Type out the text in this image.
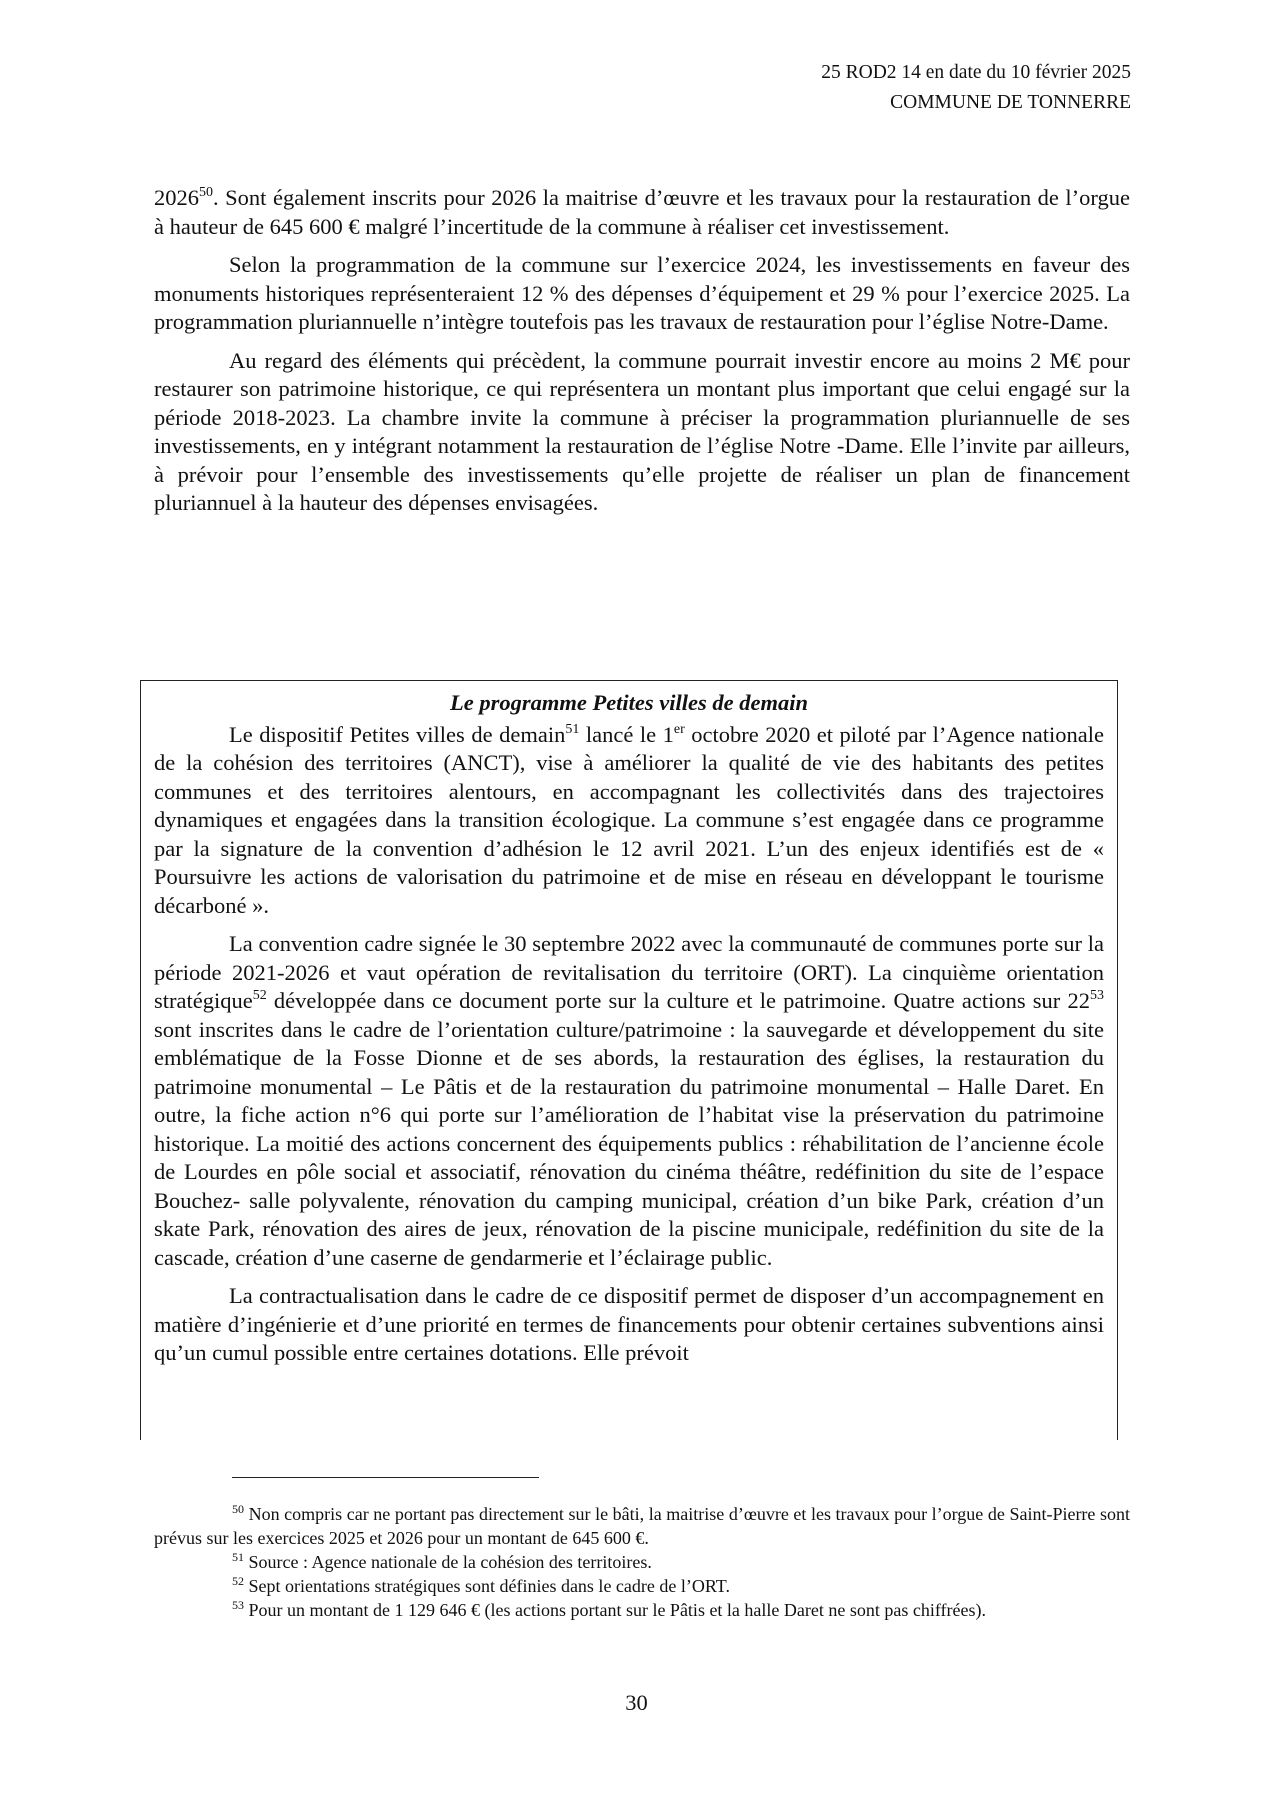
25 ROD2 14 en date du 10 février 2025
COMMUNE DE TONNERRE

2026$^{50}$. Sont également inscrits pour 2026 la maitrise d’œuvre et les travaux pour la restauration de l’orgue à hauteur de 645 600 € malgré l’incertitude de la commune à réaliser cet investissement.

Selon la programmation de la commune sur l’exercice 2024, les investissements en faveur des monuments historiques représenteraient 12 % des dépenses d’équipement et 29 % pour l’exercice 2025. La programmation pluriannuelle n’intègre toutefois pas les travaux de restauration pour l’église Notre-Dame.

Au regard des éléments qui précèdent, la commune pourrait investir encore au moins 2 M€ pour restaurer son patrimoine historique, ce qui représentera un montant plus important que celui engagé sur la période 2018-2023. La chambre invite la commune à préciser la programmation pluriannuelle de ses investissements, en y intégrant notamment la restauration de l’église Notre -Dame. Elle l’invite par ailleurs, à prévoir pour l’ensemble des investissements qu’elle projette de réaliser un plan de financement pluriannuel à la hauteur des dépenses envisagées.

Le programme Petites villes de demain

Le dispositif Petites villes de demain$^{51}$ lancé le 1er octobre 2020 et piloté par l’Agence nationale de la cohésion des territoires (ANCT), vise à améliorer la qualité de vie des habitants des petites communes et des territoires alentours, en accompagnant les collectivités dans des trajectoires dynamiques et engagées dans la transition écologique. La commune s’est engagée dans ce programme par la signature de la convention d’adhésion le 12 avril 2021. L’un des enjeux identifiés est de « Poursuivre les actions de valorisation du patrimoine et de mise en réseau en développant le tourisme décarboné ».

La convention cadre signée le 30 septembre 2022 avec la communauté de communes porte sur la période 2021-2026 et vaut opération de revitalisation du territoire (ORT). La cinquième orientation stratégique$^{52}$ développée dans ce document porte sur la culture et le patrimoine. Quatre actions sur $22^{53}$ sont inscrites dans le cadre de l’orientation culture/patrimoine : la sauvegarde et développement du site emblématique de la Fosse Dionne et de ses abords, la restauration des églises, la restauration du patrimoine monumental – Le Pâtis et de la restauration du patrimoine monumental – Halle Daret. En outre, la fiche action n°6 qui porte sur l’amélioration de l’habitat vise la préservation du patrimoine historique. La moitié des actions concernent des équipements publics : réhabilitation de l’ancienne école de Lourdes en pôle social et associatif, rénovation du cinéma théâtre, redéfinition du site de l’espace Bouchez- salle polyvalente, rénovation du camping municipal, création d’un bike Park, création d’un skate Park, rénovation des aires de jeux, rénovation de la piscine municipale, redéfinition du site de la cascade, création d’une caserne de gendarmerie et l’éclairage public.

La contractualisation dans le cadre de ce dispositif permet de disposer d’un accompagnement en matière d’ingénierie et d’une priorité en termes de financements pour obtenir certaines subventions ainsi qu’un cumul possible entre certaines dotations. Elle prévoit

$^{50}$ Non compris car ne portant pas directement sur le bâti, la maitrise d’œuvre et les travaux pour l’orgue de Saint-Pierre sont prévus sur les exercices 2025 et 2026 pour un montant de 645 600 €.

$^{51}$ Source : Agence nationale de la cohésion des territoires.

$^{52}$ Sept orientations stratégiques sont définies dans le cadre de l’ORT.

$^{53}$ Pour un montant de 1 129 646 € (les actions portant sur le Pâtis et la halle Daret ne sont pas chiffrées).

30
